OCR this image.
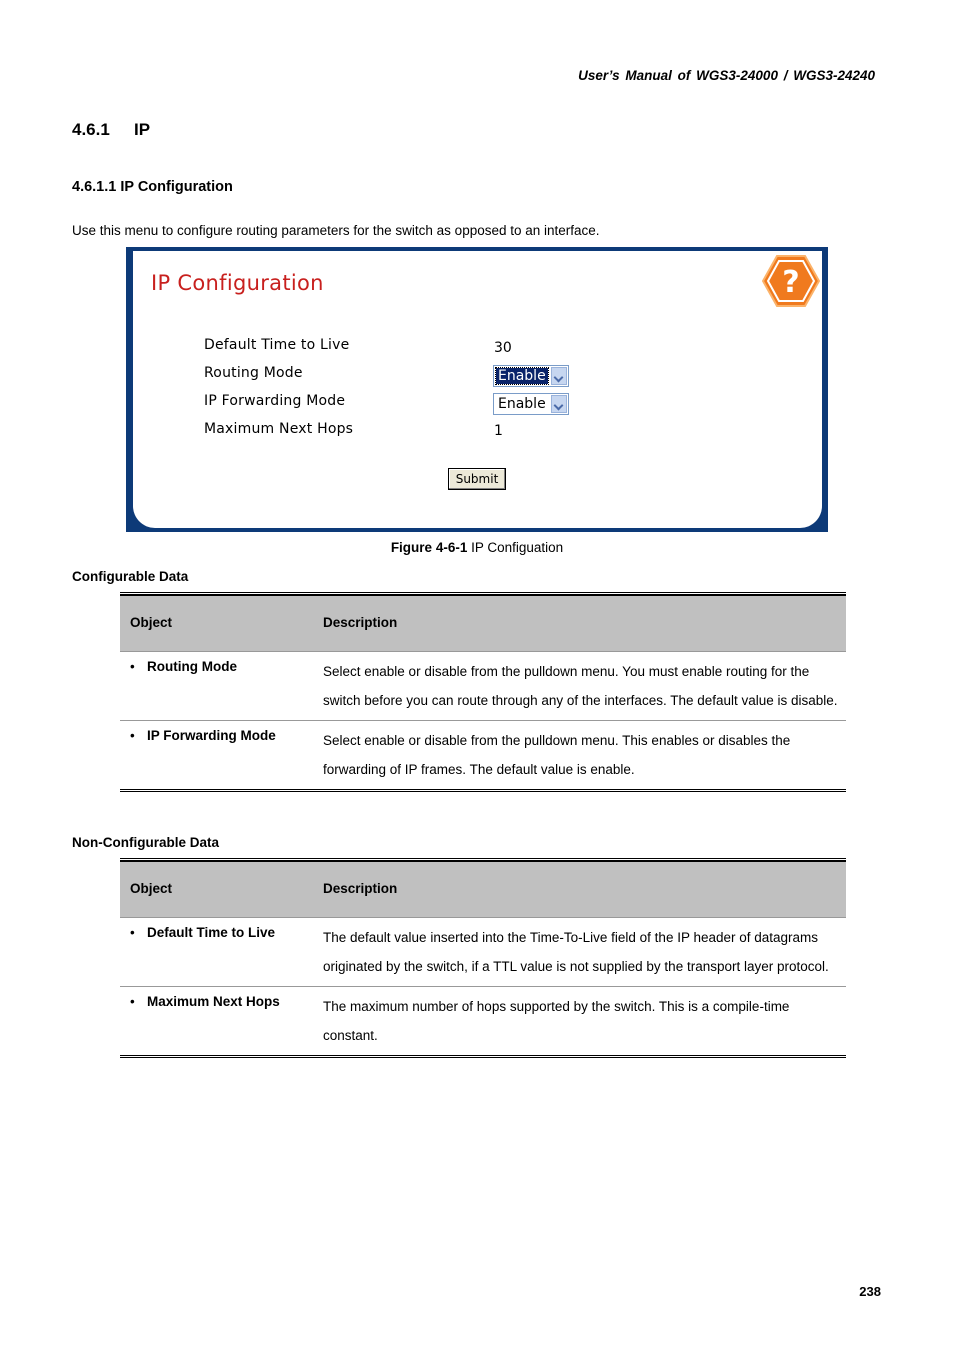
User’s Manual of WGS3-24000 / WGS3-24240
4.6.1 IP
4.6.1.1 IP Configuration
Use this menu to configure routing parameters for the switch as opposed to an interface.
IP Configuration	?
Default Time to Live	30
Routing Mode	Enable
IP Forwarding Mode	Enable
Maximum Next Hops	1
Submit
Figure 4-6-1 IP Configuation
Configurable Data
Object	Description
• Routing Mode	Select enable or disable from the pulldown menu. You must enable routing for the switch before you can route through any of the interfaces. The default value is disable.
• IP Forwarding Mode	Select enable or disable from the pulldown menu. This enables or disables the forwarding of IP frames. The default value is enable.
Non-Configurable Data
Object	Description
• Default Time to Live	The default value inserted into the Time-To-Live field of the IP header of datagrams originated by the switch, if a TTL value is not supplied by the transport layer protocol.
• Maximum Next Hops	The maximum number of hops supported by the switch. This is a compile-time constant.
238
